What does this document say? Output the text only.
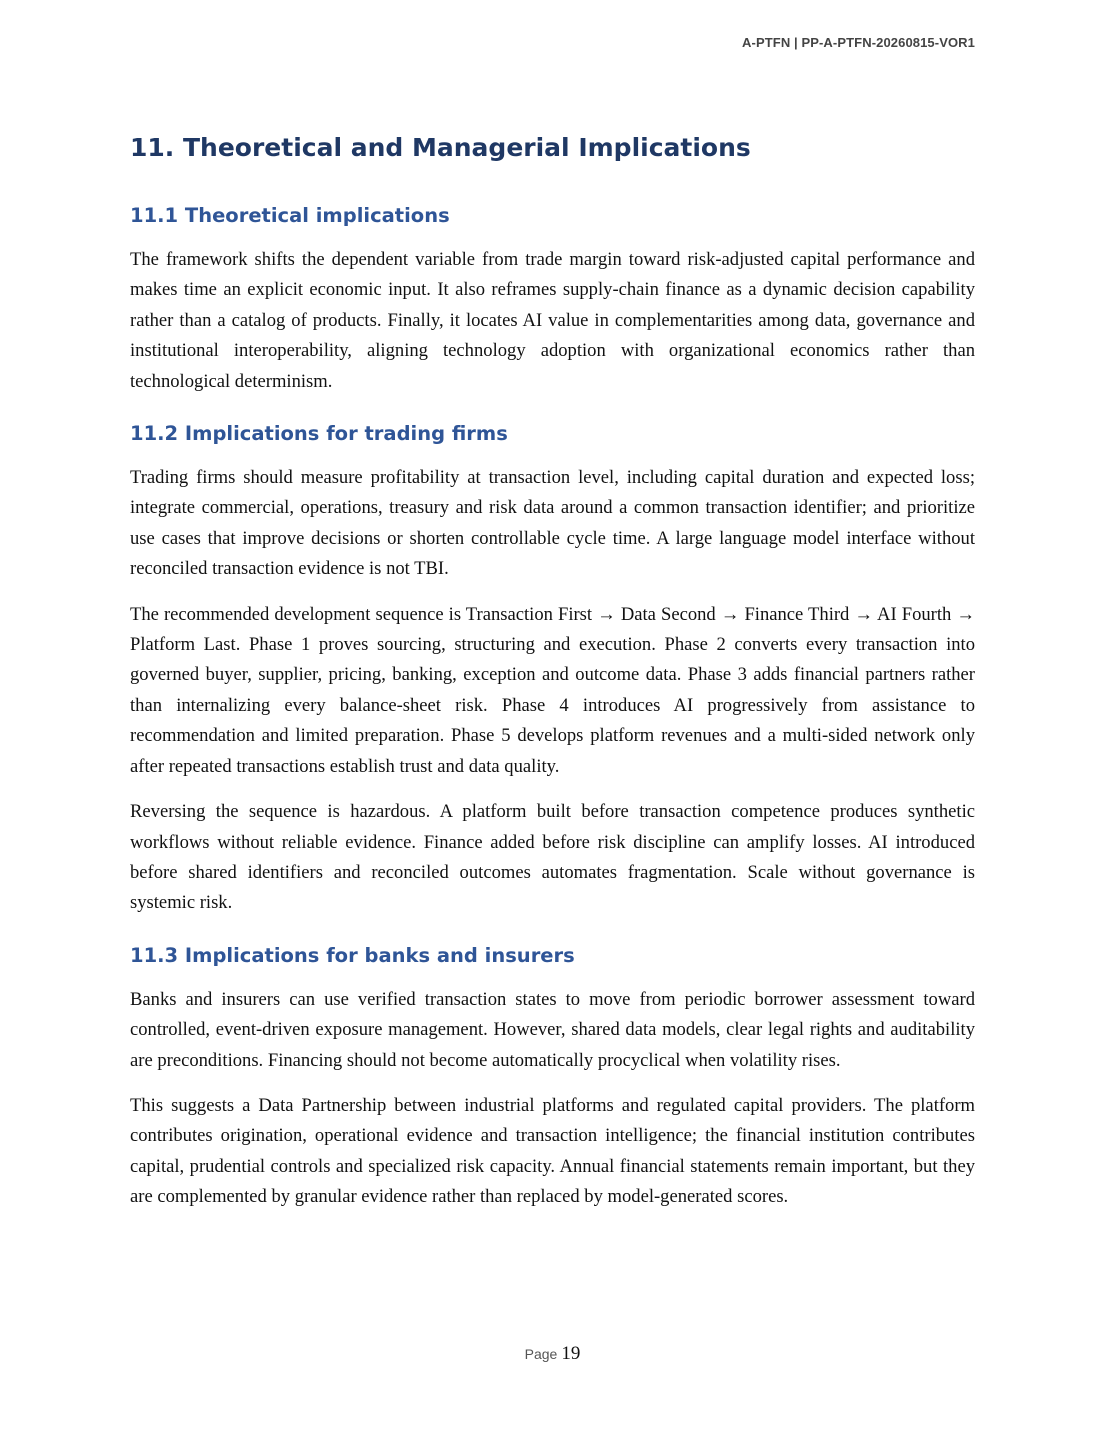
A-PTFN | PP-A-PTFN-20260815-VOR1
11. Theoretical and Managerial Implications
11.1 Theoretical implications

The framework shifts the dependent variable from trade margin toward risk-adjusted capital performance and makes time an explicit economic input. It also reframes supply-chain finance as a dynamic decision capability rather than a catalog of products. Finally, it locates AI value in complementarities among data, governance and institutional interoperability, aligning technology adoption with organizational economics rather than technological determinism.

11.2 Implications for trading firms

Trading firms should measure profitability at transaction level, including capital duration and expected loss; integrate commercial, operations, treasury and risk data around a common transaction identifier; and prioritize use cases that improve decisions or shorten controllable cycle time. A large language model interface without reconciled transaction evidence is not TBI.

The recommended development sequence is Transaction First → Data Second → Finance Third → AI Fourth → Platform Last. Phase 1 proves sourcing, structuring and execution. Phase 2 converts every transaction into governed buyer, supplier, pricing, banking, exception and outcome data. Phase 3 adds financial partners rather than internalizing every balance-sheet risk. Phase 4 introduces AI progressively from assistance to recommendation and limited preparation. Phase 5 develops platform revenues and a multi-sided network only after repeated transactions establish trust and data quality.

Reversing the sequence is hazardous. A platform built before transaction competence produces synthetic workflows without reliable evidence. Finance added before risk discipline can amplify losses. AI introduced before shared identifiers and reconciled outcomes automates fragmentation. Scale without governance is systemic risk.

11.3 Implications for banks and insurers

Banks and insurers can use verified transaction states to move from periodic borrower assessment toward controlled, event-driven exposure management. However, shared data models, clear legal rights and auditability are preconditions. Financing should not become automatically procyclical when volatility rises.

This suggests a Data Partnership between industrial platforms and regulated capital providers. The platform contributes origination, operational evidence and transaction intelligence; the financial institution contributes capital, prudential controls and specialized risk capacity. Annual financial statements remain important, but they are complemented by granular evidence rather than replaced by model-generated scores.

Page 19
